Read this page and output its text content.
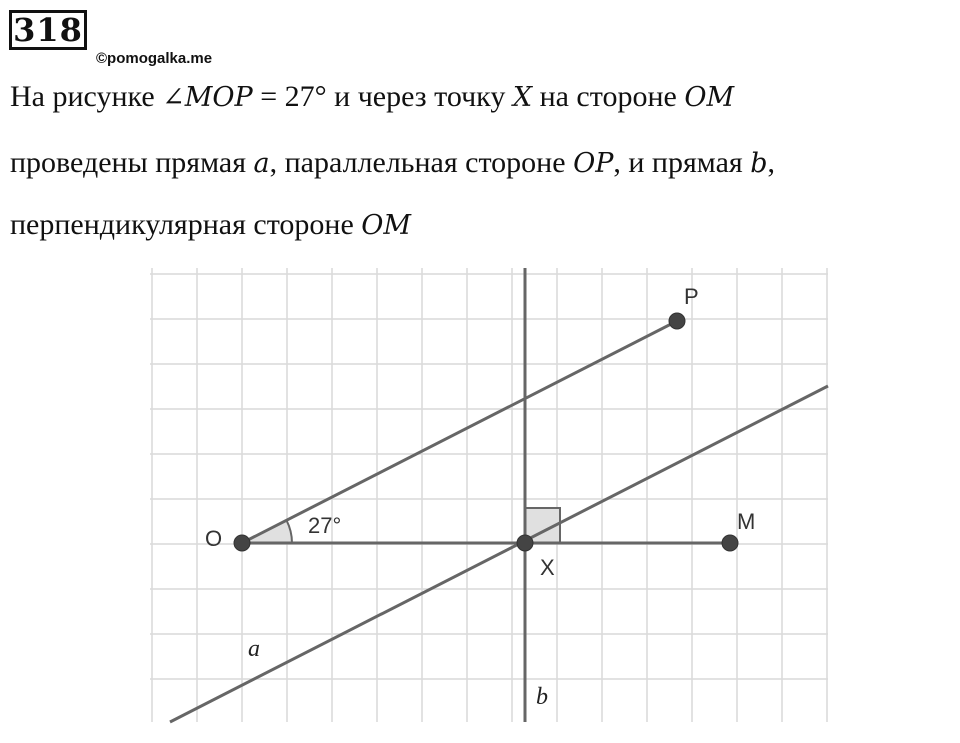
318
©pomogalka.me
На рисунке ∠MOP = 27° и через точку X на стороне OM
проведены прямая a, параллельная стороне OP, и прямая b,
перпендикулярная стороне OM
O
P
M
X
27°
a
b
